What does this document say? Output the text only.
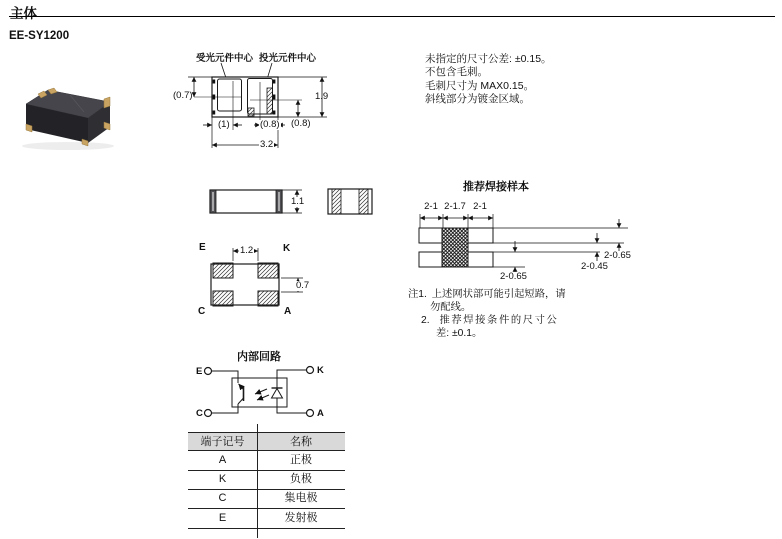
主体
EE-SY1200
受光元件中心 投光元件中心
(0.7)	1.9
(0.8)
(1)	(0.8)
3.2
未指定的尺寸公差: ±0.15。
不包含毛刺。
毛刺尺寸为 MAX0.15。
斜线部分为镀金区域。
1.1
E	K
C	A
1.2
0.7
推荐焊接样本
2-1 2-1.7 2-1
2-0.65
2-0.45
2-0.65
注1. 上述网状部可能引起短路，请
勿配线。
2. 推荐焊接条件的尺寸公
差: ±0.1。
内部回路
E	K
C	A
端子记号	名称
A	正极
K	负极
C	集电极
E	发射极
